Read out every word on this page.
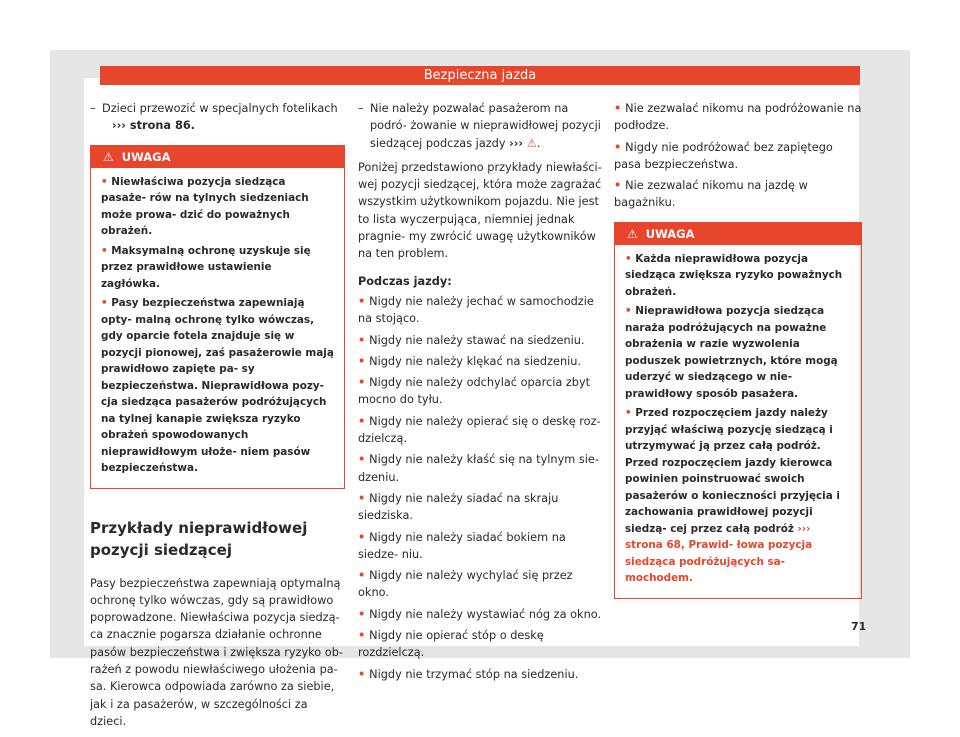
Bezpieczna jazda

– Dzieci przewozić w specjalnych fotelikach
››› strona 86.

⚠ UWAGA
• Niewłaściwa pozycja siedząca pasaże- rów na tylnych siedzeniach może prowa- dzić do poważnych obrażeń.
• Maksymalną ochronę uzyskuje się przez prawidłowe ustawienie zagłówka.
• Pasy bezpieczeństwa zapewniają opty- malną ochronę tylko wówczas, gdy oparcie fotela znajduje się w pozycji pionowej, zaś pasażerowie mają prawidłowo zapięte pa- sy bezpieczeństwa. Nieprawidłowa pozy- cja siedząca pasażerów podróżujących na tylnej kanapie zwiększa ryzyko obrażeń spowodowanych nieprawidłowym ułoże- niem pasów bezpieczeństwa.
Przykłady nieprawidłowej pozycji siedzącej

Pasy bezpieczeństwa zapewniają optymalną ochronę tylko wówczas, gdy są prawidłowo poprowadzone. Niewłaściwa pozycja siedzą- ca znacznie pogarsza działanie ochronne pasów bezpieczeństwa i zwiększa ryzyko ob- rażeń z powodu niewłaściwego ułożenia pa- sa. Kierowca odpowiada zarówno za siebie, jak i za pasażerów, w szczególności za dzieci.

– Nie należy pozwalać pasażerom na podró- żowanie w nieprawidłowej pozycji siedzącej podczas jazdy ››› ⚠.

Poniżej przedstawiono przykłady niewłaści- wej pozycji siedzącej, która może zagrażać wszystkim użytkownikom pojazdu. Nie jest to lista wyczerpująca, niemniej jednak pragnie- my zwrócić uwagę użytkowników na ten problem.

Podczas jazdy:
• Nigdy nie należy jechać w samochodzie na stojąco.
• Nigdy nie należy stawać na siedzeniu.
• Nigdy nie należy klękać na siedzeniu.
• Nigdy nie należy odchylać oparcia zbyt mocno do tyłu.
• Nigdy nie należy opierać się o deskę roz- dzielczą.
• Nigdy nie należy kłaść się na tylnym sie- dzeniu.
• Nigdy nie należy siadać na skraju siedziska.
• Nigdy nie należy siadać bokiem na siedze- niu.
• Nigdy nie należy wychylać się przez okno.
• Nigdy nie należy wystawiać nóg za okno.
• Nigdy nie opierać stóp o deskę rozdzielczą.
• Nigdy nie trzymać stóp na siedzeniu.
• Nie zezwalać nikomu na podróżowanie na podłodze.
• Nigdy nie podróżować bez zapiętego pasa bezpieczeństwa.
• Nie zezwalać nikomu na jazdę w bagażniku.
⚠ UWAGA
• Każda nieprawidłowa pozycja siedząca zwiększa ryzyko poważnych obrażeń.
• Nieprawidłowa pozycja siedząca naraża podróżujących na poważne obrażenia w razie wyzwolenia poduszek powietrznych, które mogą uderzyć w siedzącego w nie- prawidłowy sposób pasażera.
• Przed rozpoczęciem jazdy należy przyjąć właściwą pozycję siedzącą i utrzymywać ją przez całą podróż. Przed rozpoczęciem jazdy kierowca powinien poinstruować swoich pasażerów o konieczności przyjęcia i zachowania prawidłowej pozycji siedzą- cej przez całą podróż ››› strona 68, Prawid- łowa pozycja siedząca podróżujących sa- mochodem.
71
